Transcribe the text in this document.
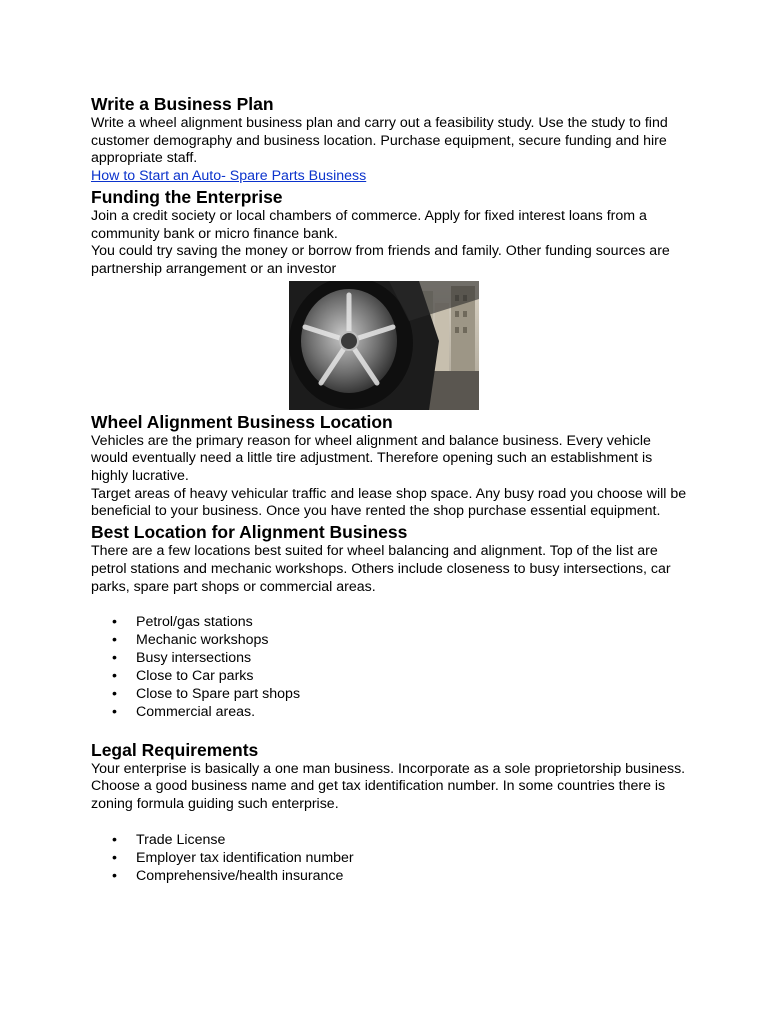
Write a Business Plan

Write a wheel alignment business plan and carry out a feasibility study. Use the study to find customer demography and business location. Purchase equipment, secure funding and hire appropriate staff.

How to Start an Auto- Spare Parts Business
Funding the Enterprise

Join a credit society or local chambers of commerce. Apply for fixed interest loans from a community bank or micro finance bank.

You could try saving the money or borrow from friends and family. Other funding sources are partnership arrangement or an investor

Wheel Alignment Business Location

Vehicles are the primary reason for wheel alignment and balance business. Every vehicle would eventually need a little tire adjustment. Therefore opening such an establishment is highly lucrative.

Target areas of heavy vehicular traffic and lease shop space. Any busy road you choose will be beneficial to your business. Once you have rented the shop purchase essential equipment.

Best Location for Alignment Business

There are a few locations best suited for wheel balancing and alignment. Top of the list are petrol stations and mechanic workshops. Others include closeness to busy intersections, car parks, spare part shops or commercial areas.

• Petrol/gas stations
• Mechanic workshops
• Busy intersections
• Close to Car parks
• Close to Spare part shops
• Commercial areas.
Legal Requirements

Your enterprise is basically a one man business. Incorporate as a sole proprietorship business.

Choose a good business name and get tax identification number. In some countries there is zoning formula guiding such enterprise.

• Trade License
• Employer tax identification number
• Comprehensive/health insurance
